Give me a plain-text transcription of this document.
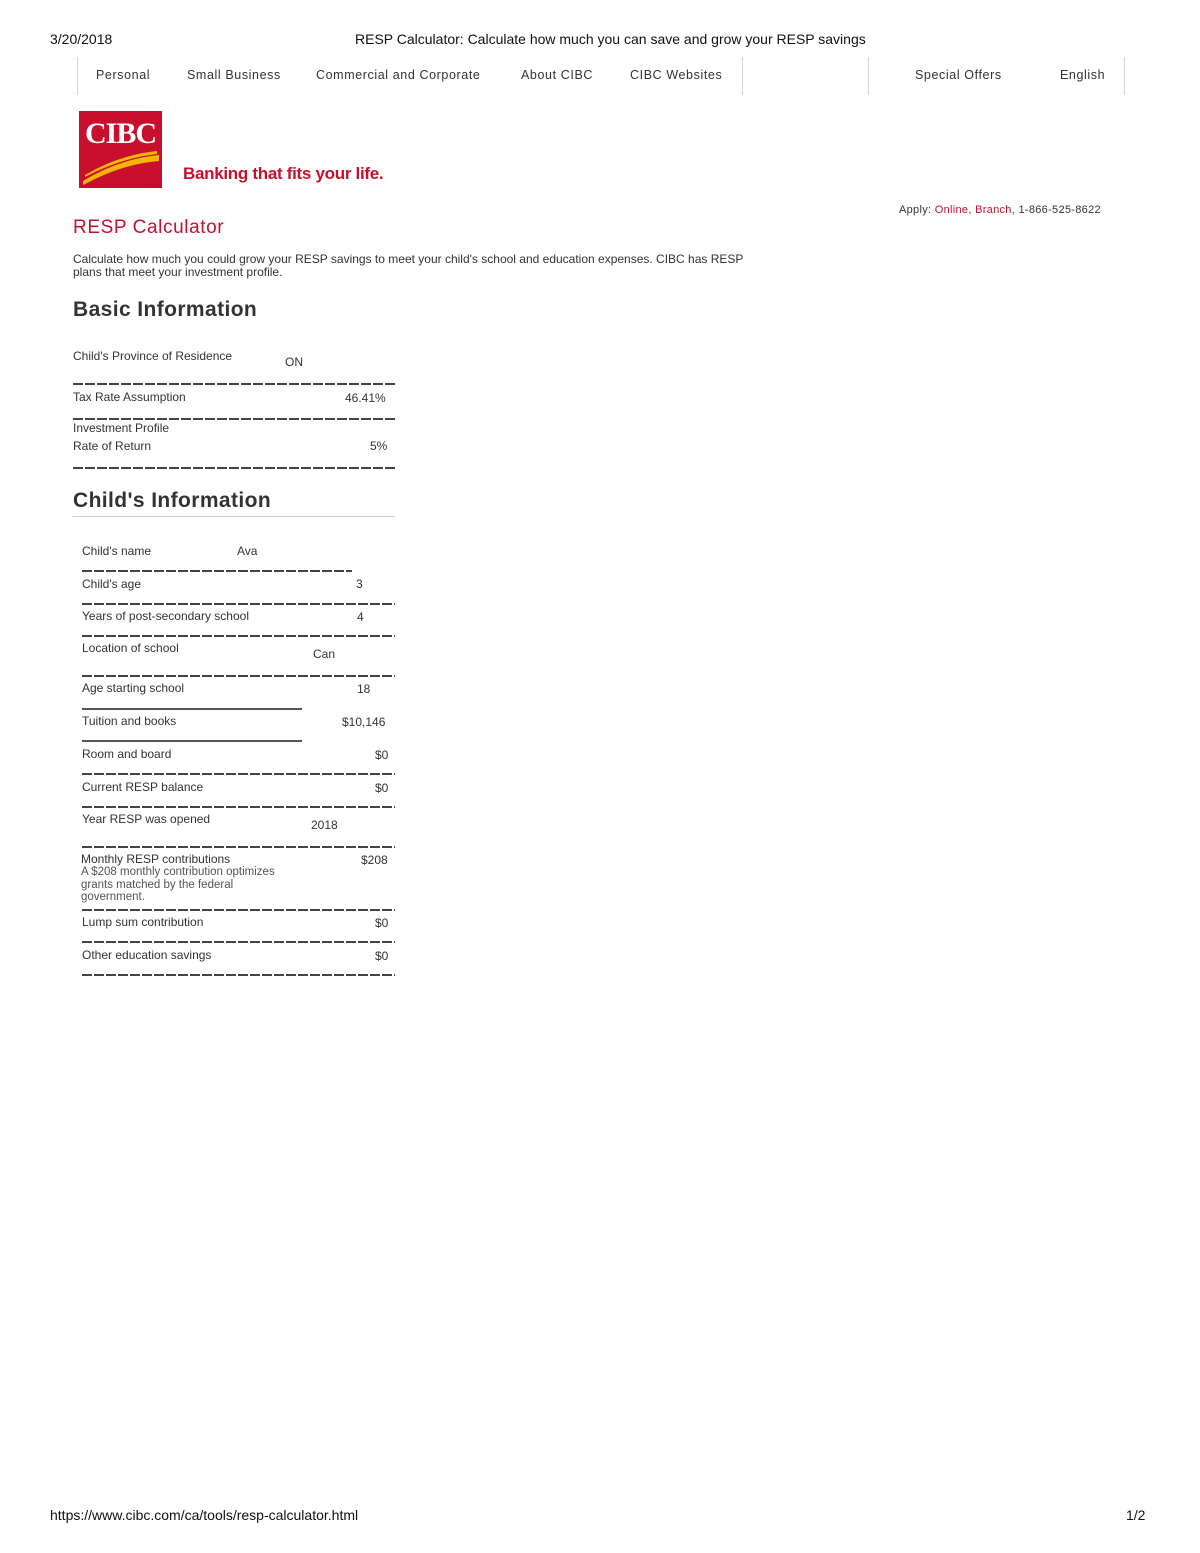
3/20/2018	RESP Calculator: Calculate how much you can save and grow your RESP savings
https://www.cibc.com/ca/tools/resp-calculator.html	1/2
Personal	Small Business	Commercial and Corporate	About CIBC	CIBC Websites	Special Offers	English
CIBC
Banking that fits your life.
Apply: Online, Branch, 1-866-525-8622
RESP Calculator
Calculate how much you could grow your RESP savings to meet your child's school and education expenses. CIBC has RESP plans that meet your investment profile.
Basic Information
Child's Province of Residence	ON
Tax Rate Assumption	46.41%
Investment Profile
Rate of Return	5%
Child's Information
Child's name	Ava
Child's age	3
Years of post-secondary school	4
Location of school	Can
Age starting school	18
Tuition and books	$10,146
Room and board	$0
Current RESP balance	$0
Year RESP was opened	2018
Monthly RESP contributions	$208
A $208 monthly contribution optimizes grants matched by the federal government.
Lump sum contribution	$0
Other education savings	$0
